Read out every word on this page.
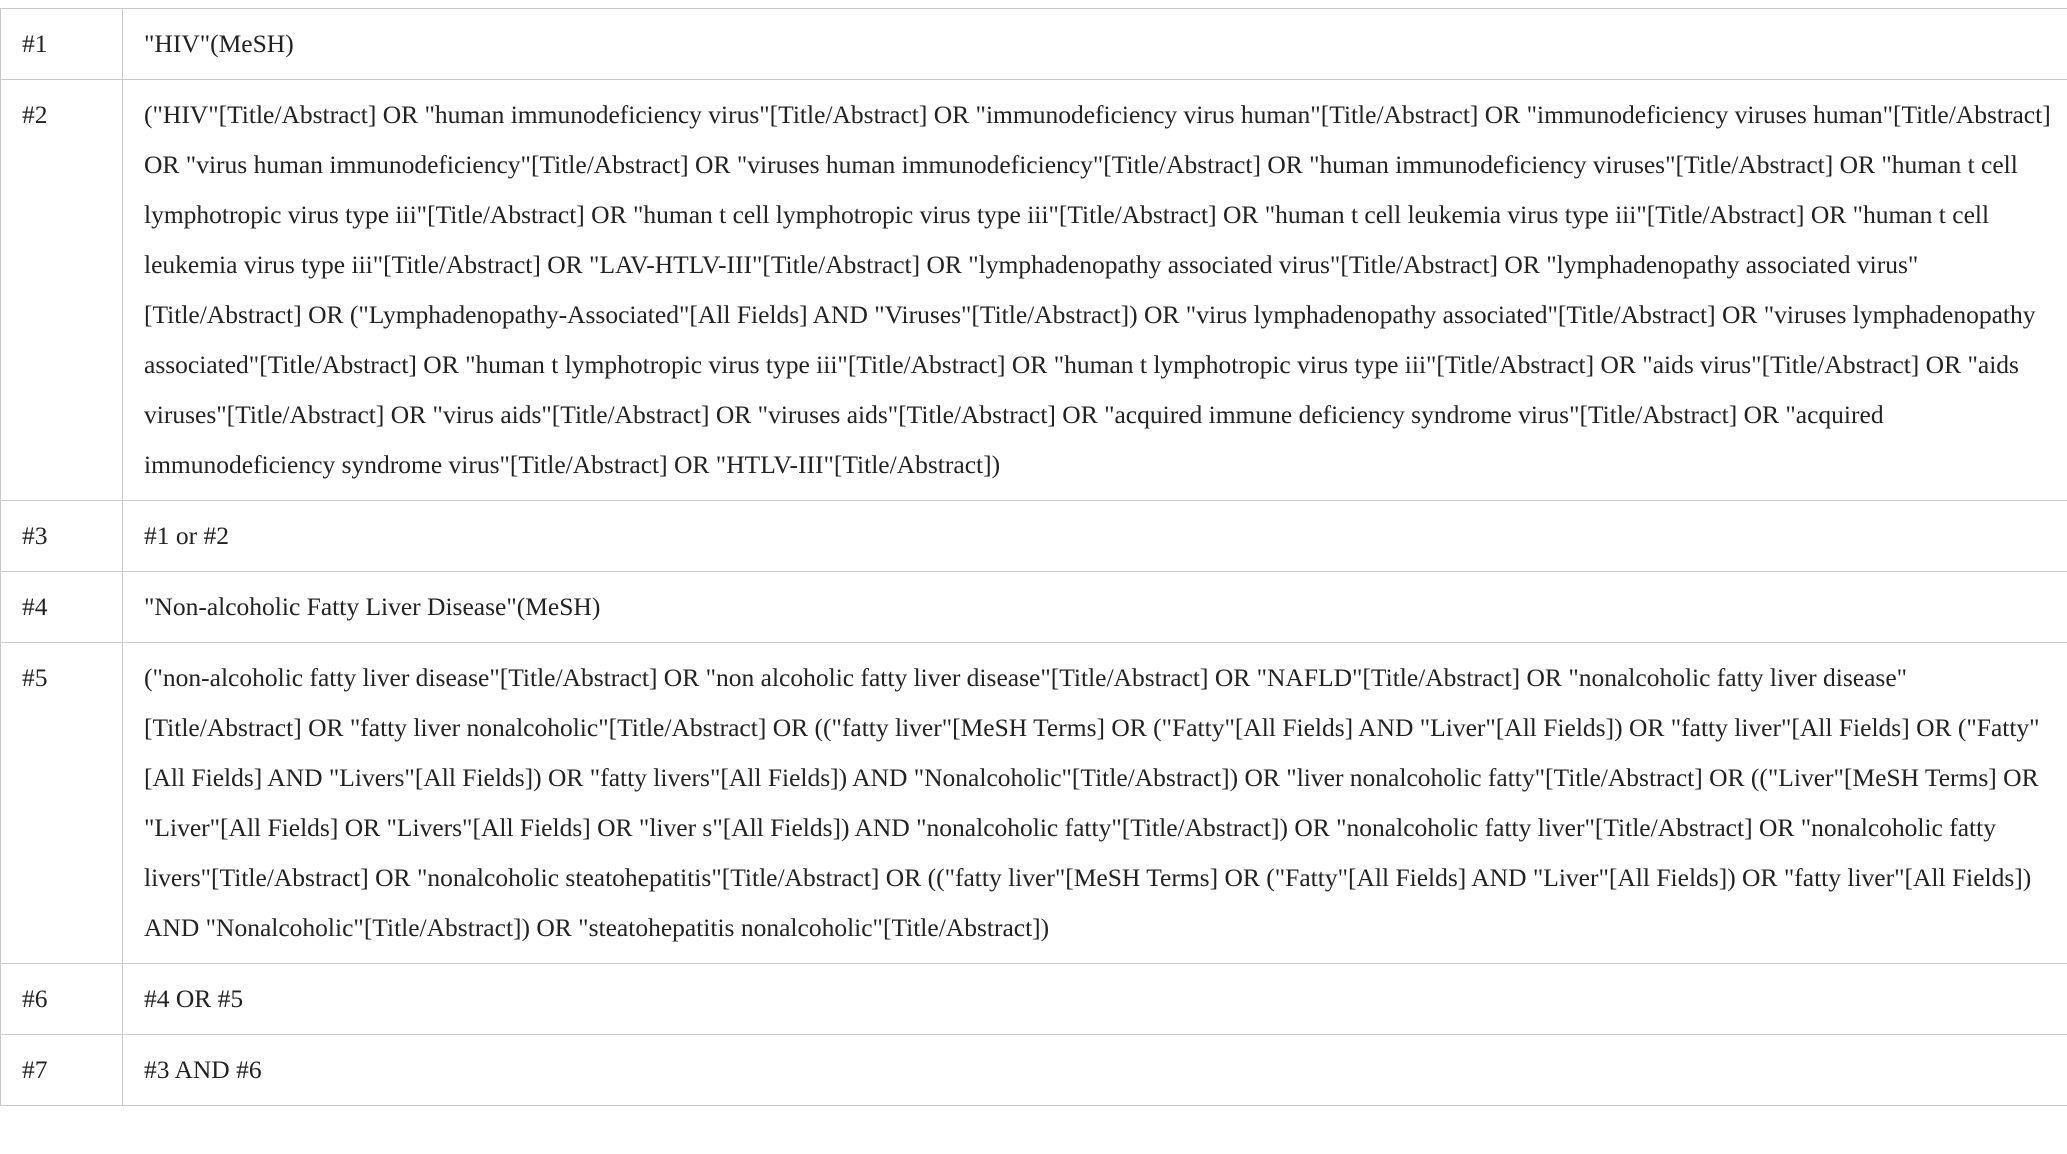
#1	"HIV"(MeSH)
#2	("HIV"[Title/Abstract] OR "human immunodeficiency virus"[Title/Abstract] OR "immunodeficiency virus human"[Title/Abstract] OR "immunodeficiency viruses human"[Title/Abstract] OR "virus human immunodeficiency"[Title/Abstract] OR "viruses human immunodeficiency"[Title/Abstract] OR "human immunodeficiency viruses"[Title/Abstract] OR "human t cell lymphotropic virus type iii"[Title/Abstract] OR "human t cell lymphotropic virus type iii"[Title/Abstract] OR "human t cell leukemia virus type iii"[Title/Abstract] OR "human t cell leukemia virus type iii"[Title/Abstract] OR "LAV-HTLV-III"[Title/Abstract] OR "lymphadenopathy associated virus"[Title/Abstract] OR "lymphadenopathy associated virus"[Title/Abstract] OR ("Lymphadenopathy-Associated"[All Fields] AND "Viruses"[Title/Abstract]) OR "virus lymphadenopathy associated"[Title/Abstract] OR "viruses lymphadenopathy associated"[Title/Abstract] OR "human t lymphotropic virus type iii"[Title/Abstract] OR "human t lymphotropic virus type iii"[Title/Abstract] OR "aids virus"[Title/Abstract] OR "aids viruses"[Title/Abstract] OR "virus aids"[Title/Abstract] OR "viruses aids"[Title/Abstract] OR "acquired immune deficiency syndrome virus"[Title/Abstract] OR "acquired immunodeficiency syndrome virus"[Title/Abstract] OR "HTLV-III"[Title/Abstract])
#3	#1 or #2
#4	"Non-alcoholic Fatty Liver Disease"(MeSH)
#5	("non-alcoholic fatty liver disease"[Title/Abstract] OR "non alcoholic fatty liver disease"[Title/Abstract] OR "NAFLD"[Title/Abstract] OR "nonalcoholic fatty liver disease"[Title/Abstract] OR "fatty liver nonalcoholic"[Title/Abstract] OR (("fatty liver"[MeSH Terms] OR ("Fatty"[All Fields] AND "Liver"[All Fields]) OR "fatty liver"[All Fields] OR ("Fatty"[All Fields] AND "Livers"[All Fields]) OR "fatty livers"[All Fields]) AND "Nonalcoholic"[Title/Abstract]) OR "liver nonalcoholic fatty"[Title/Abstract] OR (("Liver"[MeSH Terms] OR "Liver"[All Fields] OR "Livers"[All Fields] OR "liver s"[All Fields]) AND "nonalcoholic fatty"[Title/Abstract]) OR "nonalcoholic fatty liver"[Title/Abstract] OR "nonalcoholic fatty livers"[Title/Abstract] OR "nonalcoholic steatohepatitis"[Title/Abstract] OR (("fatty liver"[MeSH Terms] OR ("Fatty"[All Fields] AND "Liver"[All Fields]) OR "fatty liver"[All Fields]) AND "Nonalcoholic"[Title/Abstract]) OR "steatohepatitis nonalcoholic"[Title/Abstract])
#6	#4 OR #5
#7	#3 AND #6
